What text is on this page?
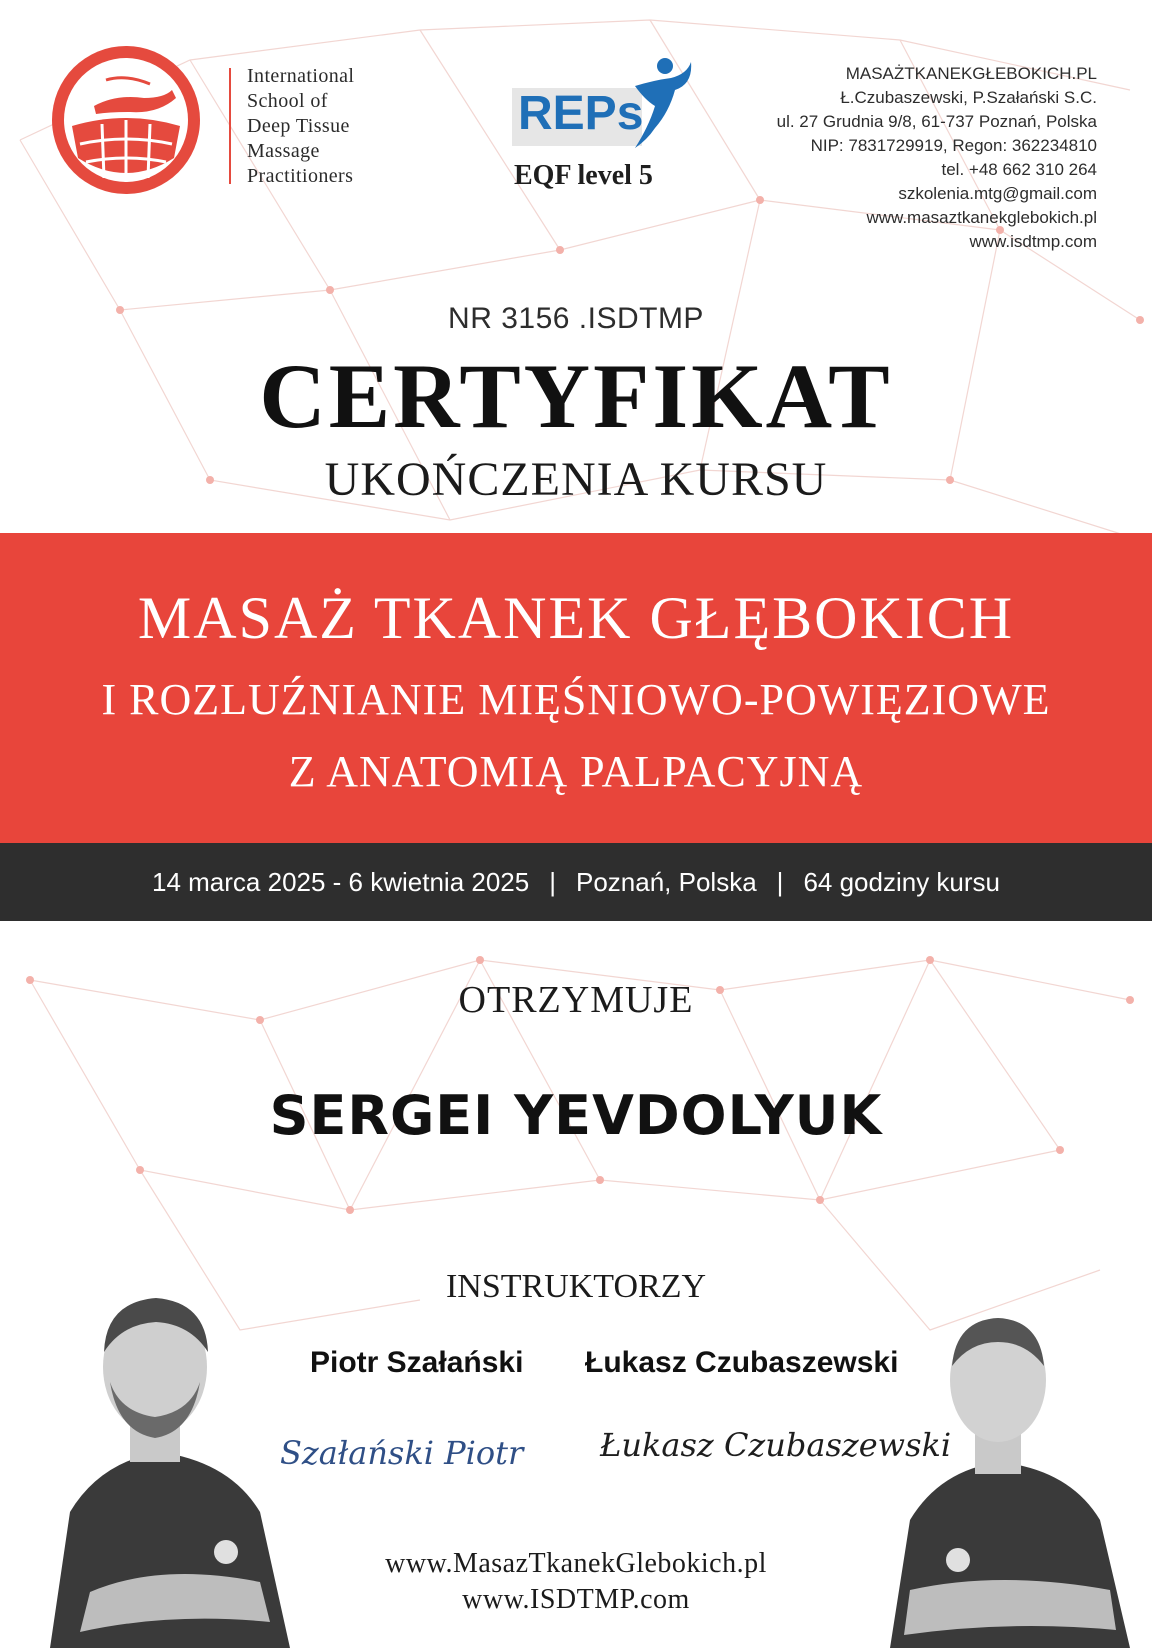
International
School of
Deep Tissue
Massage
Practitioners
REPs
EQF level 5
MASAŻTKANEKGŁEBOKICH.PL
Ł.Czubaszewski, P.Szałański S.C.
ul. 27 Grudnia 9/8, 61-737 Poznań, Polska
NIP: 7831729919, Regon: 362234810
tel. +48 662 310 264
szkolenia.mtg@gmail.com
www.masaztkanekglebokich.pl
www.isdtmp.com
NR 3156 .ISDTMP
CERTYFIKAT
UKOŃCZENIA KURSU
MASAŻ TKANEK GŁĘBOKICH
I ROZLUŹNIANIE MIĘŚNIOWO-POWIĘZIOWE
Z ANATOMIĄ PALPACYJNĄ
14 marca 2025 - 6 kwietnia 2025 | Poznań, Polska | 64 godziny kursu
OTRZYMUJE
SERGEI YEVDOLYUK
INSTRUKTORZY
Piotr Szałański Łukasz Czubaszewski
Szałański Piotr Łukasz Czubaszewski
www.MasazTkanekGlebokich.pl
www.ISDTMP.com
